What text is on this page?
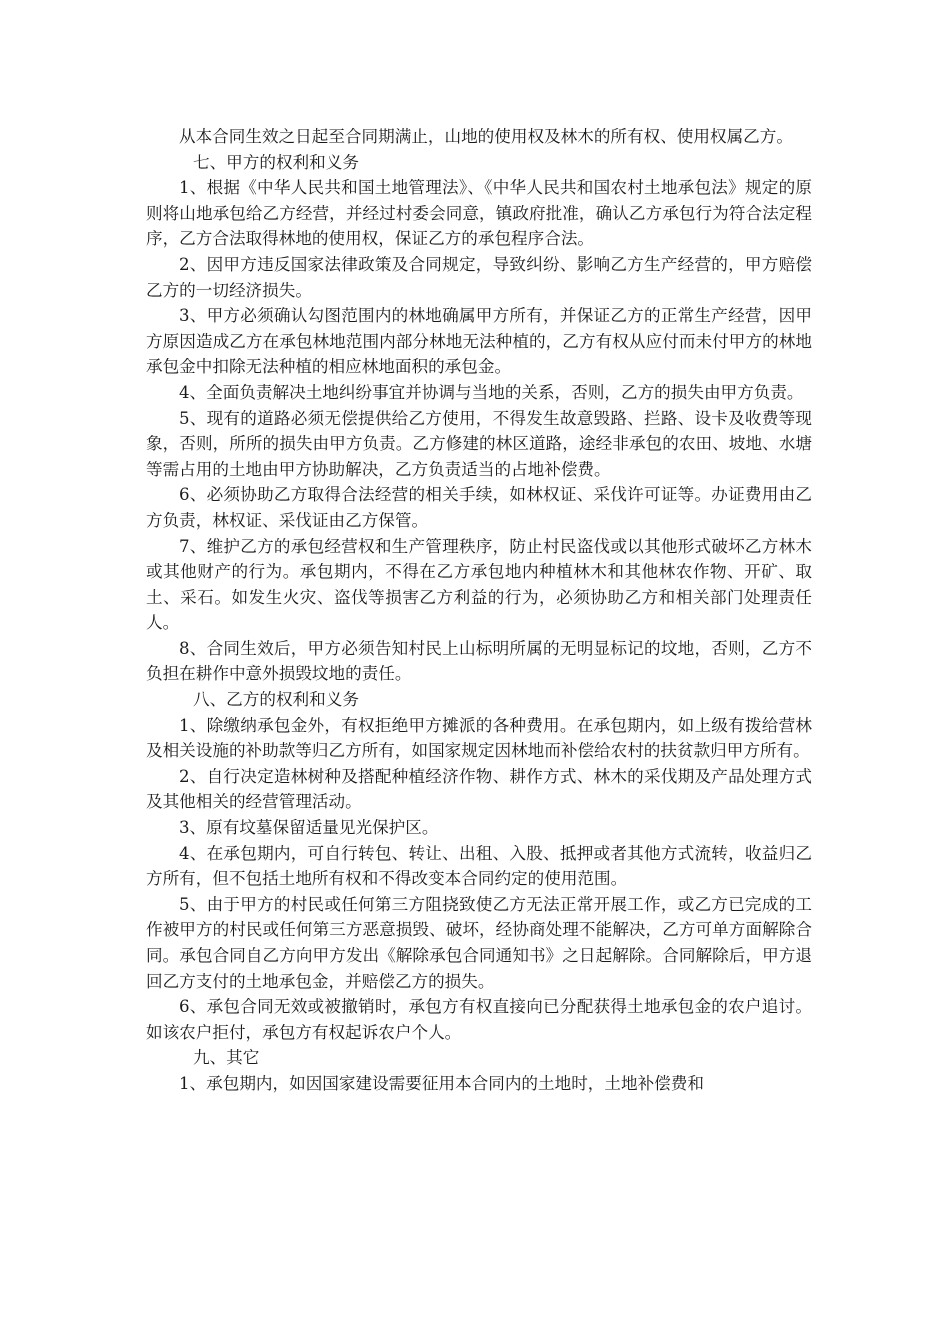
从本合同生效之日起至合同期满止，山地的使用权及林木的所有权、使用权属乙方。

七、甲方的权利和义务

1、根据《中华人民共和国土地管理法》、《中华人民共和国农村土地承包法》规定的原则将山地承包给乙方经营，并经过村委会同意，镇政府批准，确认乙方承包行为符合法定程序，乙方合法取得林地的使用权，保证乙方的承包程序合法。

2、因甲方违反国家法律政策及合同规定，导致纠纷、影响乙方生产经营的，甲方赔偿乙方的一切经济损失。

3、甲方必须确认勾图范围内的林地确属甲方所有，并保证乙方的正常生产经营，因甲方原因造成乙方在承包林地范围内部分林地无法种植的，乙方有权从应付而未付甲方的林地承包金中扣除无法种植的相应林地面积的承包金。

4、全面负责解决土地纠纷事宜并协调与当地的关系，否则，乙方的损失由甲方负责。

5、现有的道路必须无偿提供给乙方使用，不得发生故意毁路、拦路、设卡及收费等现象，否则，所所的损失由甲方负责。乙方修建的林区道路，途经非承包的农田、坡地、水塘等需占用的土地由甲方协助解决，乙方负责适当的占地补偿费。

6、必须协助乙方取得合法经营的相关手续，如林权证、采伐许可证等。办证费用由乙方负责，林权证、采伐证由乙方保管。

7、维护乙方的承包经营权和生产管理秩序，防止村民盗伐或以其他形式破坏乙方林木或其他财产的行为。承包期内，不得在乙方承包地内种植林木和其他林农作物、开矿、取土、采石。如发生火灾、盗伐等损害乙方利益的行为，必须协助乙方和相关部门处理责任人。

8、合同生效后，甲方必须告知村民上山标明所属的无明显标记的坟地，否则，乙方不负担在耕作中意外损毁坟地的责任。

八、乙方的权利和义务

1、除缴纳承包金外，有权拒绝甲方摊派的各种费用。在承包期内，如上级有拨给营林及相关设施的补助款等归乙方所有，如国家规定因林地而补偿给农村的扶贫款归甲方所有。

2、自行决定造林树种及搭配种植经济作物、耕作方式、林木的采伐期及产品处理方式及其他相关的经营管理活动。

3、原有坟墓保留适量见光保护区。

4、在承包期内，可自行转包、转让、出租、入股、抵押或者其他方式流转，收益归乙方所有，但不包括土地所有权和不得改变本合同约定的使用范围。

5、由于甲方的村民或任何第三方阻挠致使乙方无法正常开展工作，或乙方已完成的工作被甲方的村民或任何第三方恶意损毁、破坏，经协商处理不能解决，乙方可单方面解除合同。承包合同自乙方向甲方发出《解除承包合同通知书》之日起解除。合同解除后，甲方退回乙方支付的土地承包金，并赔偿乙方的损失。

6、承包合同无效或被撤销时，承包方有权直接向已分配获得土地承包金的农户追讨。如该农户拒付，承包方有权起诉农户个人。

九、其它

1、承包期内，如因国家建设需要征用本合同内的土地时，土地补偿费和
